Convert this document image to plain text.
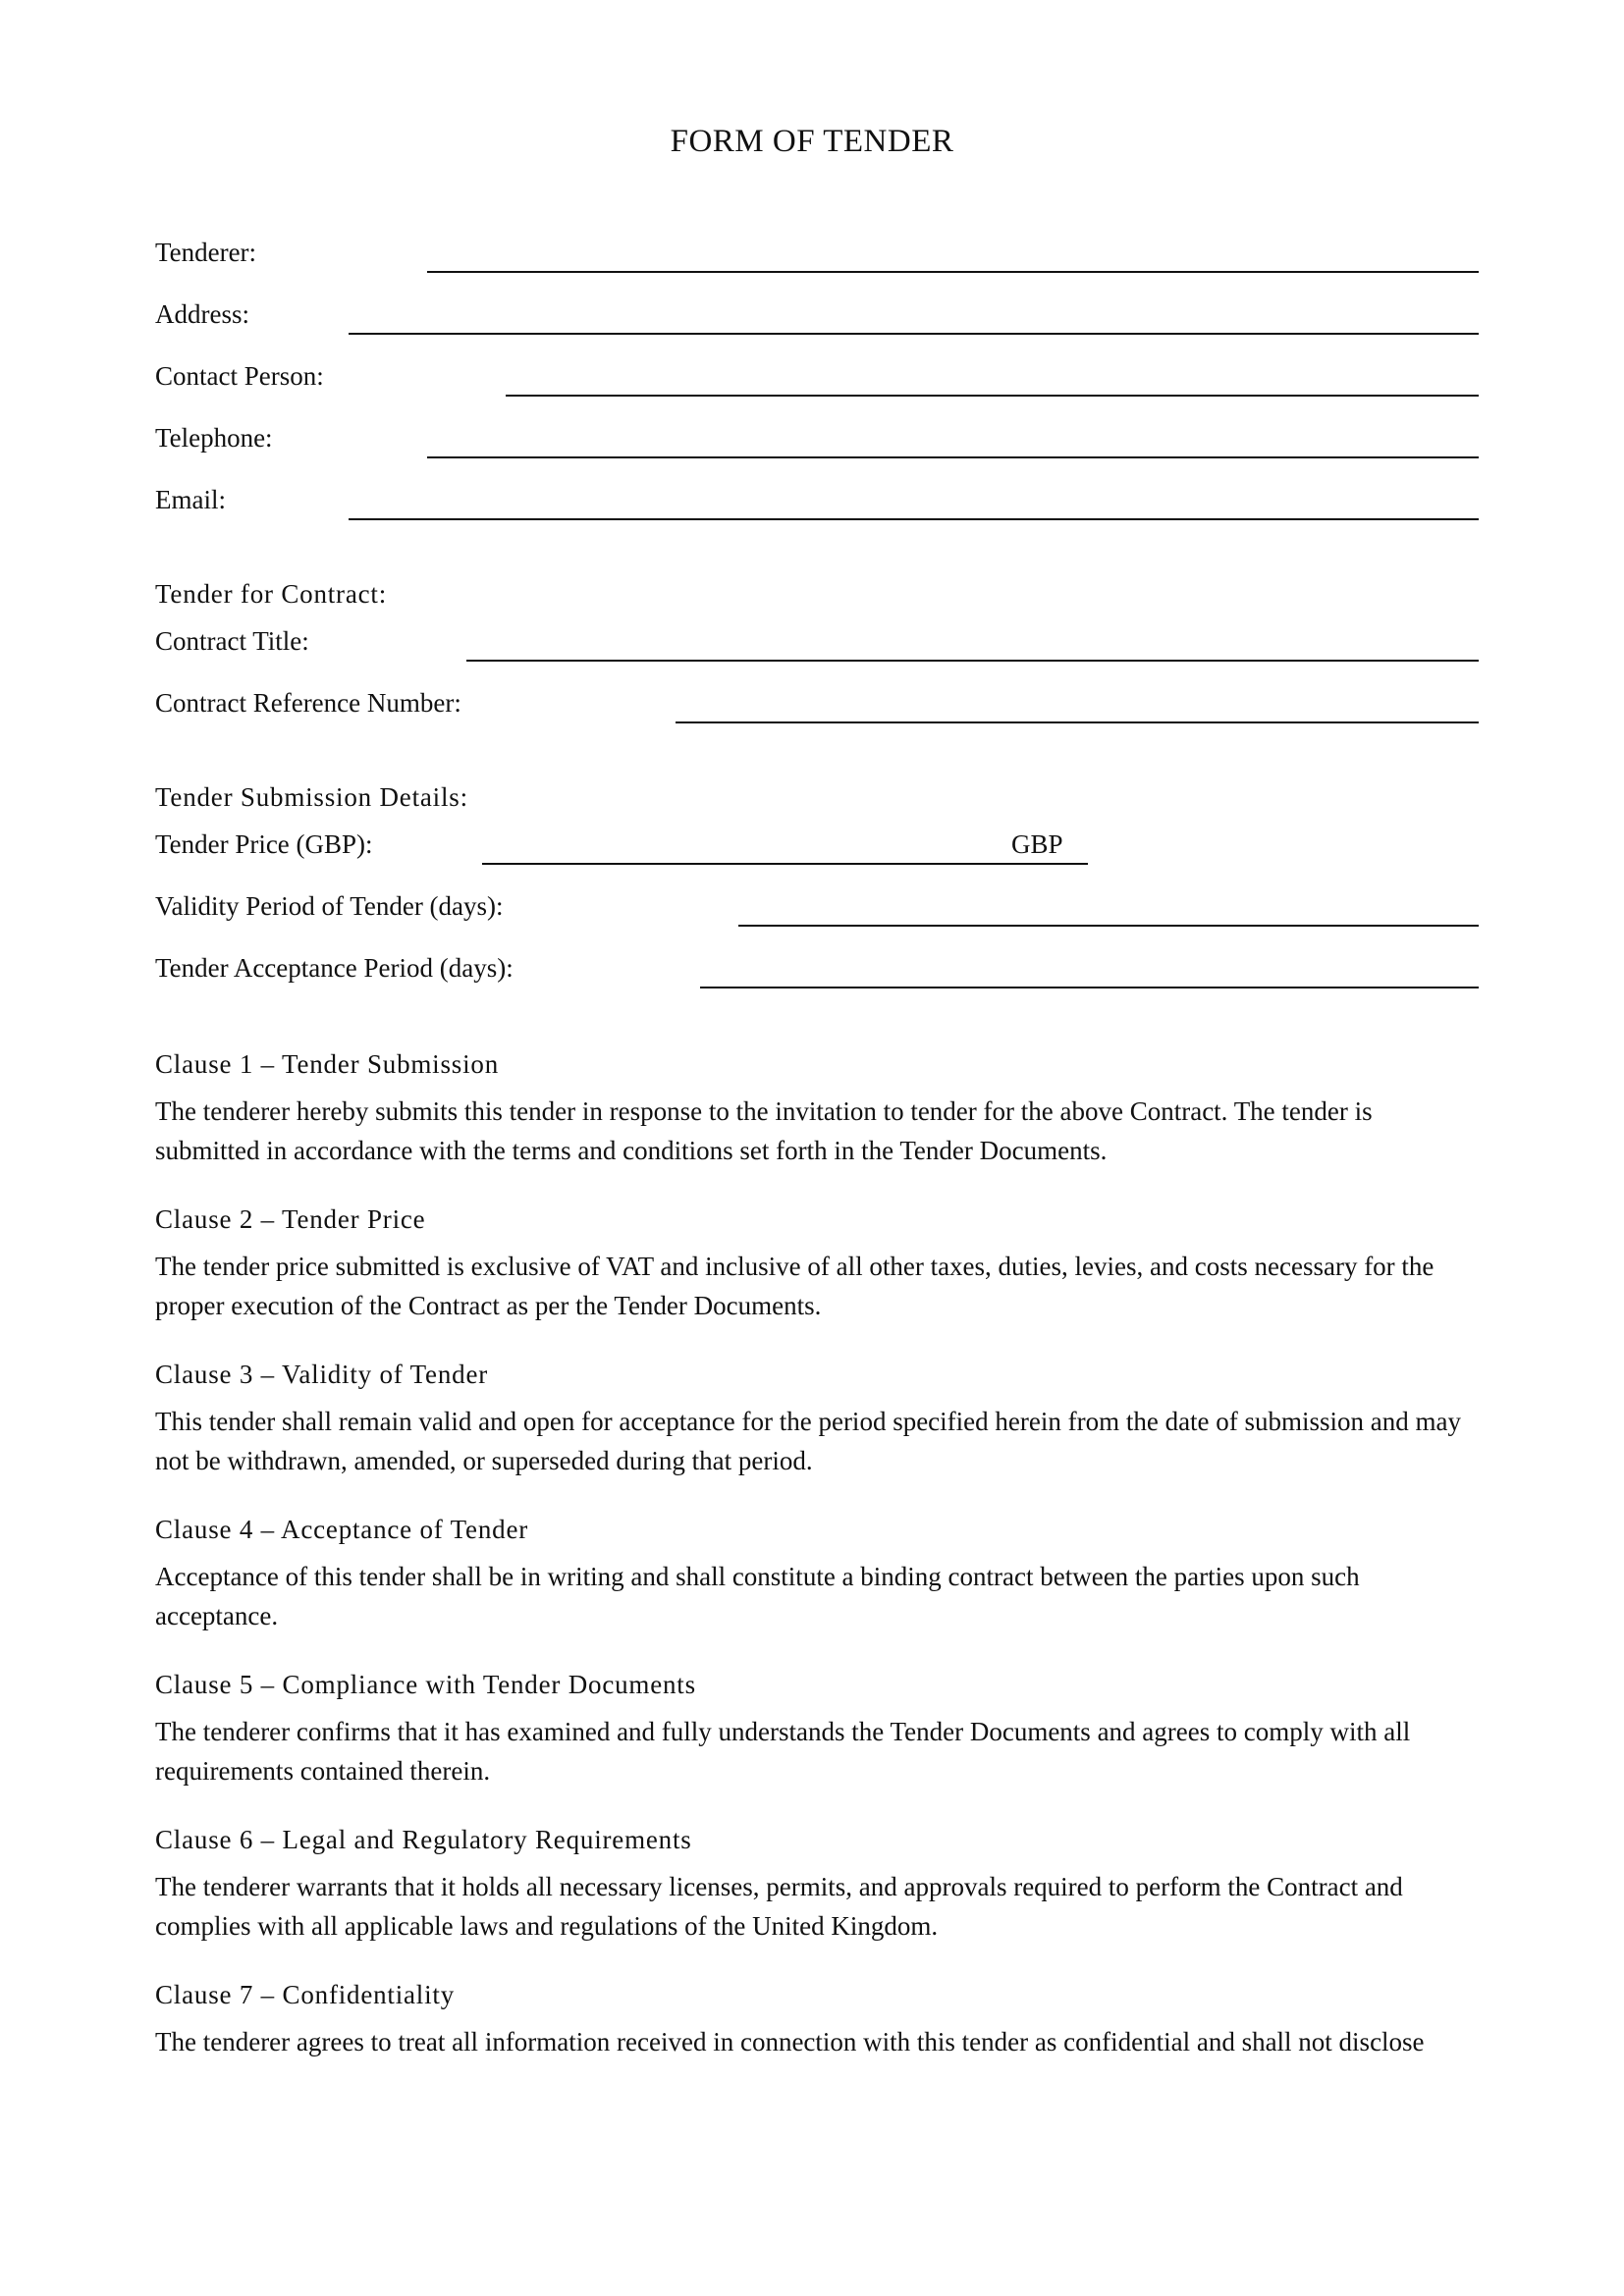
FORM OF TENDER
Tenderer:
Address:
Contact Person:
Telephone:
Email:
Tender for Contract:
Contract Title:
Contract Reference Number:
Tender Submission Details:
Tender Price (GBP):	GBP
Validity Period of Tender (days):
Tender Acceptance Period (days):
Clause 1 – Tender Submission

The tenderer hereby submits this tender in response to the invitation to tender for the above Contract. The tender is submitted in accordance with the terms and conditions set forth in the Tender Documents.

Clause 2 – Tender Price

The tender price submitted is exclusive of VAT and inclusive of all other taxes, duties, levies, and costs necessary for the proper execution of the Contract as per the Tender Documents.

Clause 3 – Validity of Tender

This tender shall remain valid and open for acceptance for the period specified herein from the date of submission and may not be withdrawn, amended, or superseded during that period.

Clause 4 – Acceptance of Tender

Acceptance of this tender shall be in writing and shall constitute a binding contract between the parties upon such acceptance.

Clause 5 – Compliance with Tender Documents

The tenderer confirms that it has examined and fully understands the Tender Documents and agrees to comply with all requirements contained therein.

Clause 6 – Legal and Regulatory Requirements

The tenderer warrants that it holds all necessary licenses, permits, and approvals required to perform the Contract and complies with all applicable laws and regulations of the United Kingdom.

Clause 7 – Confidentiality

The tenderer agrees to treat all information received in connection with this tender as confidential and shall not disclose
